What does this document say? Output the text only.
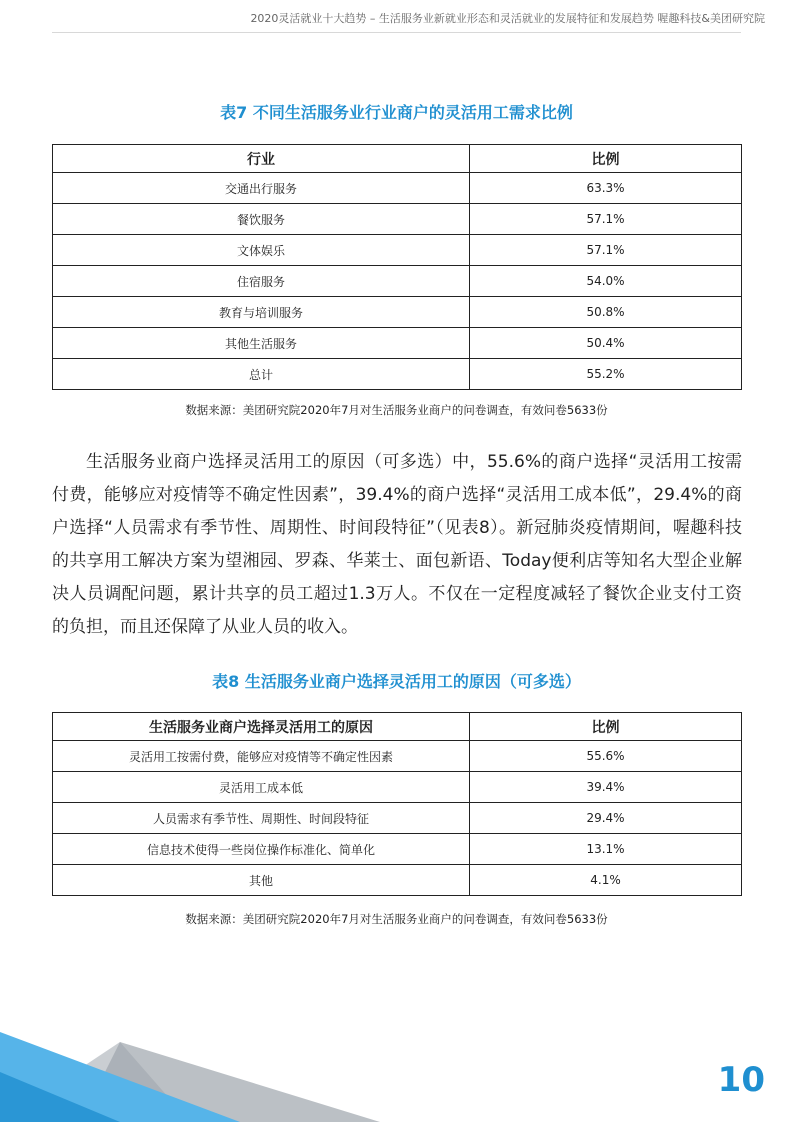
2020灵活就业十大趋势 – 生活服务业新就业形态和灵活就业的发展特征和发展趋势 喔趣科技&美团研究院
表7 不同生活服务业行业商户的灵活用工需求比例
行业	比例
交通出行服务	63.3%
餐饮服务	57.1%
文体娱乐	57.1%
住宿服务	54.0%
教育与培训服务	50.8%
其他生活服务	50.4%
总计	55.2%
数据来源：美团研究院2020年7月对生活服务业商户的问卷调查，有效问卷5633份

生活服务业商户选择灵活用工的原因（可多选）中，55.6%的商户选择“灵活用工按需付费，能够应对疫情等不确定性因素”，39.4%的商户选择“灵活用工成本低”，29.4%的商户选择“人员需求有季节性、周期性、时间段特征”（见表8）。新冠肺炎疫情期间，喔趣科技的共享用工解决方案为望湘园、罗森、华莱士、面包新语、Today便利店等知名大型企业解决人员调配问题，累计共享的员工超过1.3万人。不仅在一定程度减轻了餐饮企业支付工资的负担，而且还保障了从业人员的收入。

表8 生活服务业商户选择灵活用工的原因（可多选）
生活服务业商户选择灵活用工的原因	比例
灵活用工按需付费，能够应对疫情等不确定性因素	55.6%
灵活用工成本低	39.4%
人员需求有季节性、周期性、时间段特征	29.4%
信息技术使得一些岗位操作标准化、简单化	13.1%
其他	4.1%
数据来源：美团研究院2020年7月对生活服务业商户的问卷调查，有效问卷5633份
10
